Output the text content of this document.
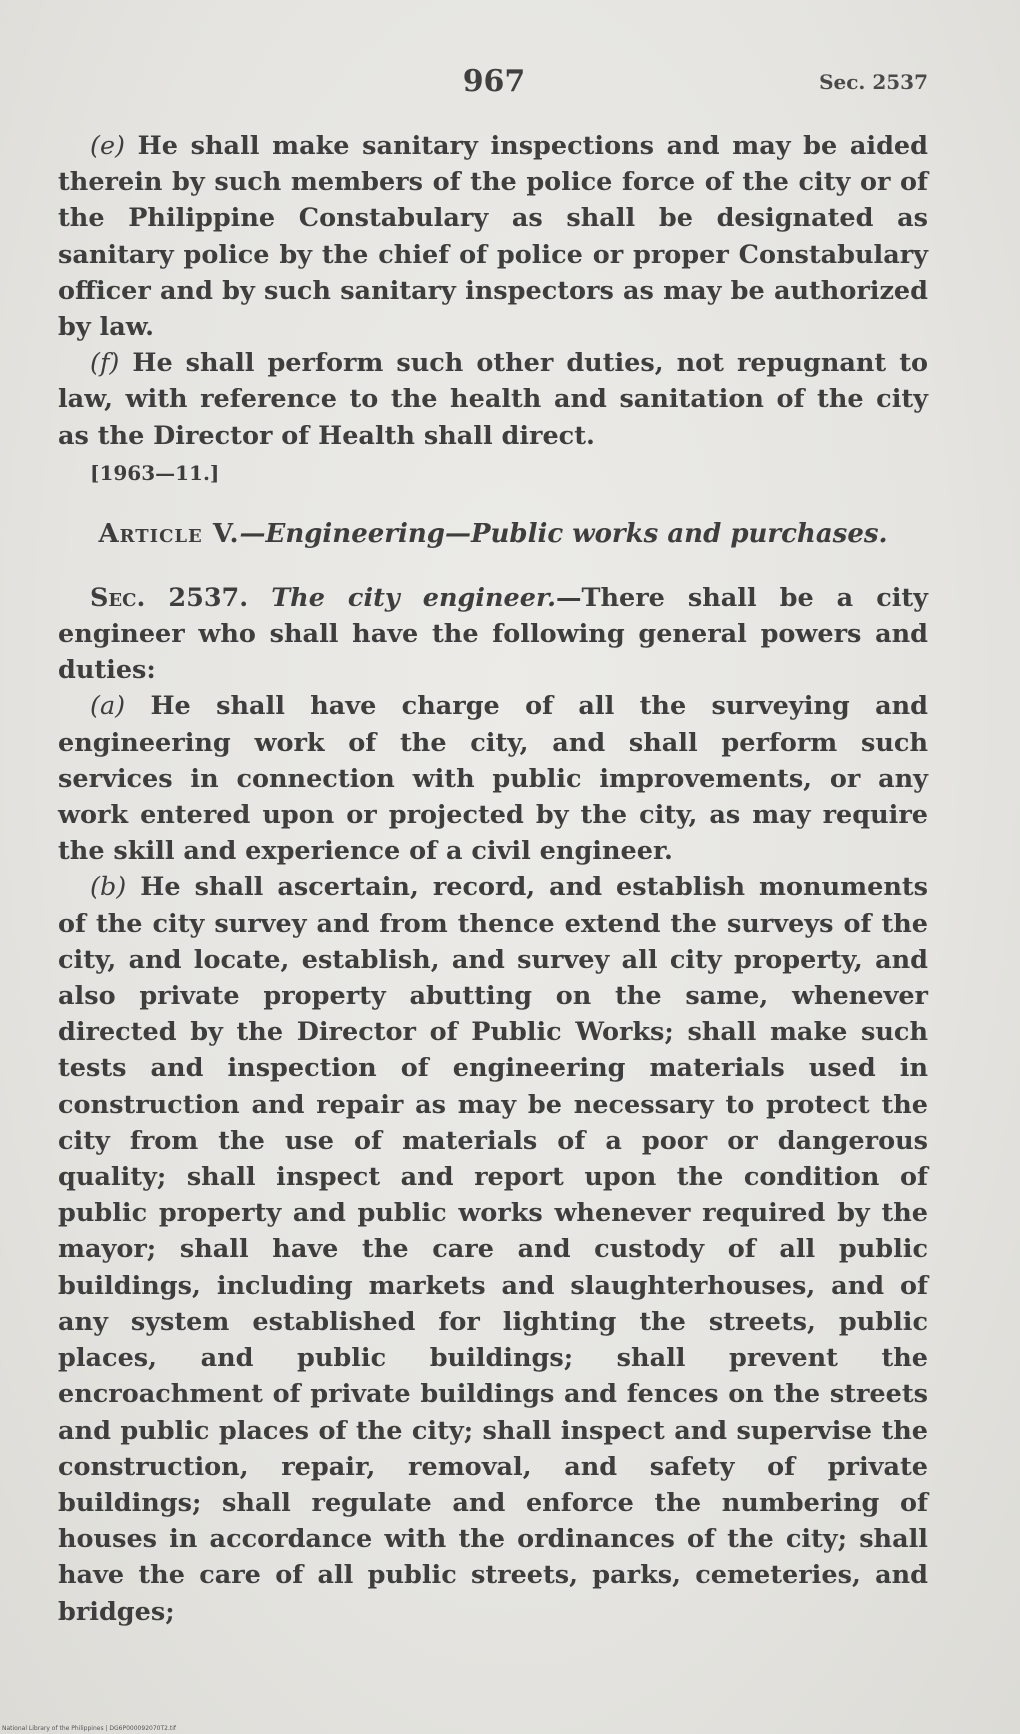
967	Sec. 2537

(e) He shall make sanitary inspections and may be aided therein by such members of the police force of the city or of the Philippine Constabulary as shall be designated as sanitary police by the chief of police or proper Constabulary officer and by such sanitary inspectors as may be authorized by law.

(f) He shall perform such other duties, not repugnant to law, with reference to the health and sanitation of the city as the Director of Health shall direct.

[1963—11.]
Article V.—Engineering—Public works and purchases.

Sec. 2537. The city engineer.—There shall be a city engineer who shall have the following general powers and duties:

(a) He shall have charge of all the surveying and engineering work of the city, and shall perform such services in connection with public improvements, or any work entered upon or projected by the city, as may require the skill and experience of a civil engineer.

(b) He shall ascertain, record, and establish monuments of the city survey and from thence extend the surveys of the city, and locate, establish, and survey all city property, and also private property abutting on the same, whenever directed by the Director of Public Works; shall make such tests and inspection of engineering materials used in construction and repair as may be necessary to protect the city from the use of materials of a poor or dangerous quality; shall inspect and report upon the condition of public property and public works whenever required by the mayor; shall have the care and custody of all public buildings, including markets and slaughterhouses, and of any system established for lighting the streets, public places, and public buildings; shall prevent the encroachment of private buildings and fences on the streets and public places of the city; shall inspect and supervise the construction, repair, removal, and safety of private buildings; shall regulate and enforce the numbering of houses in accordance with the ordinances of the city; shall have the care of all public streets, parks, cemeteries, and bridges;

National Library of the Philippines | DG6P000092070T2.tif
